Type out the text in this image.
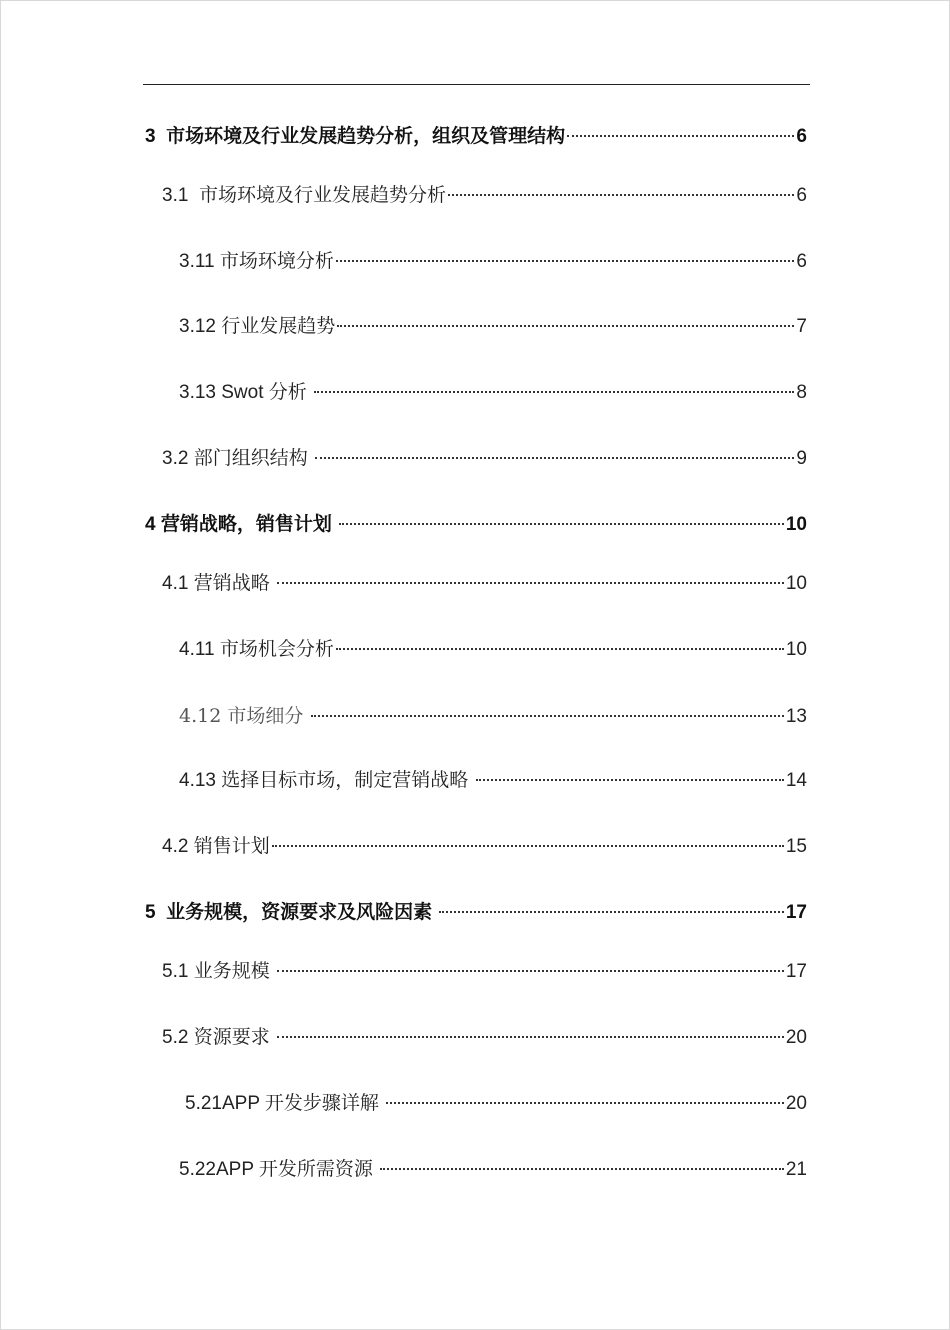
3  市场环境及行业发展趋势分析，组织及管理结构	6
3.1  市场环境及行业发展趋势分析	6
3.11 市场环境分析	6
3.12 行业发展趋势	7
3.13 Swot 分析	8
3.2 部门组织结构	9
4 营销战略，销售计划	10
4.1 营销战略	10
4.11 市场机会分析	10
4.12 市场细分	13
4.13 选择目标市场，制定营销战略	14
4.2 销售计划	15
5  业务规模，资源要求及风险因素	17
5.1 业务规模	17
5.2 资源要求	20
5.21APP 开发步骤详解	20
5.22APP 开发所需资源	21
